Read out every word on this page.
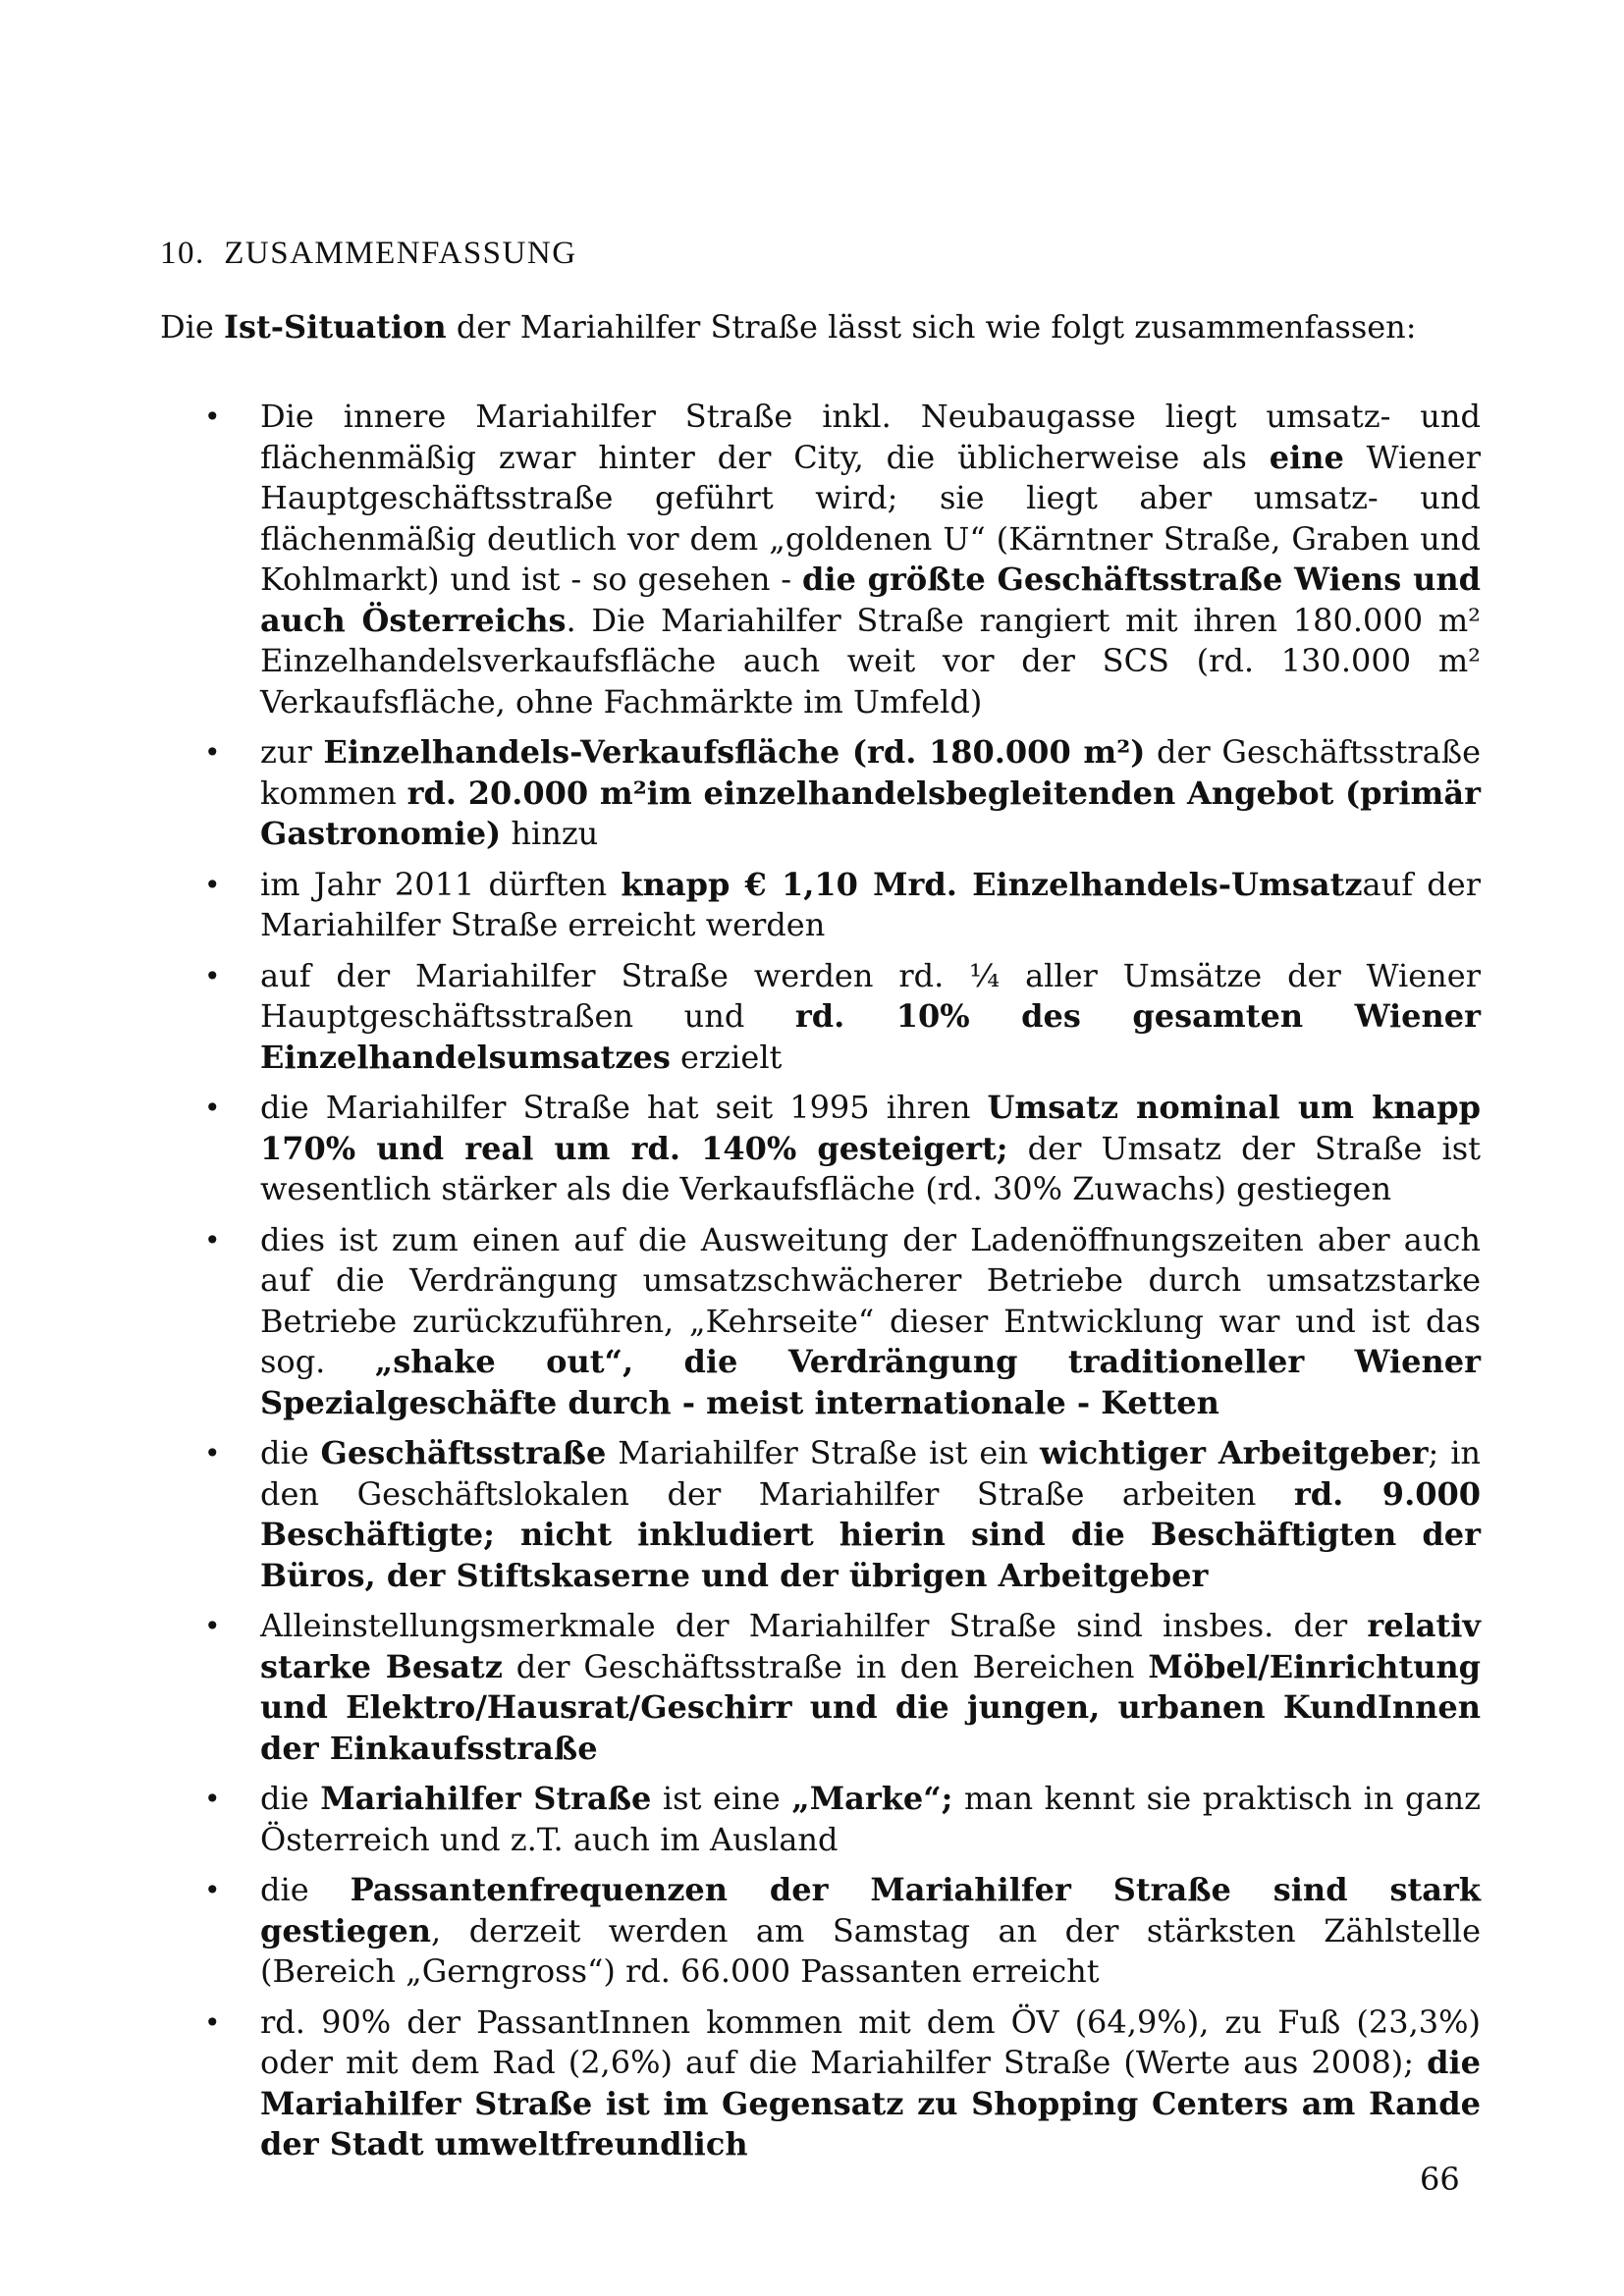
10. ZUSAMMENFASSUNG

Die Ist-Situation der Mariahilfer Straße lässt sich wie folgt zusammenfassen:

• Die innere Mariahilfer Straße inkl. Neubaugasse liegt umsatz- und flächenmäßig zwar hinter der City, die üblicherweise als eine Wiener Hauptgeschäftsstraße geführt wird; sie liegt aber umsatz- und flächenmäßig deutlich vor dem „goldenen U“ (Kärntner Straße, Graben und Kohlmarkt) und ist - so gesehen - die größte Geschäftsstraße Wiens und auch Österreichs. Die Mariahilfer Straße rangiert mit ihren 180.000 m² Einzelhandelsverkaufsfläche auch weit vor der SCS (rd. 130.000 m² Verkaufsfläche, ohne Fachmärkte im Umfeld)
• zur Einzelhandels-Verkaufsfläche (rd. 180.000 m²) der Geschäftsstraße kommen rd. 20.000 m²im einzelhandelsbegleitenden Angebot (primär Gastronomie) hinzu
• im Jahr 2011 dürften knapp € 1,10 Mrd. Einzelhandels-Umsatzauf der Mariahilfer Straße erreicht werden
• auf der Mariahilfer Straße werden rd. ¼ aller Umsätze der Wiener Hauptgeschäftsstraßen und rd. 10% des gesamten Wiener Einzelhandelsumsatzes erzielt
• die Mariahilfer Straße hat seit 1995 ihren Umsatz nominal um knapp 170% und real um rd. 140% gesteigert; der Umsatz der Straße ist wesentlich stärker als die Verkaufsfläche (rd. 30% Zuwachs) gestiegen
• dies ist zum einen auf die Ausweitung der Ladenöffnungszeiten aber auch auf die Verdrängung umsatzschwächerer Betriebe durch umsatzstarke Betriebe zurückzuführen, „Kehrseite“ dieser Entwicklung war und ist das sog. „shake out“, die Verdrängung traditioneller Wiener Spezialgeschäfte durch - meist internationale - Ketten
• die Geschäftsstraße Mariahilfer Straße ist ein wichtiger Arbeitgeber; in den Geschäftslokalen der Mariahilfer Straße arbeiten rd. 9.000 Beschäftigte; nicht inkludiert hierin sind die Beschäftigten der Büros, der Stiftskaserne und der übrigen Arbeitgeber
• Alleinstellungsmerkmale der Mariahilfer Straße sind insbes. der relativ starke Besatz der Geschäftsstraße in den Bereichen Möbel/Einrichtung und Elektro/Hausrat/Geschirr und die jungen, urbanen KundInnen der Einkaufsstraße
• die Mariahilfer Straße ist eine „Marke“; man kennt sie praktisch in ganz Österreich und z.T. auch im Ausland
• die Passantenfrequenzen der Mariahilfer Straße sind stark gestiegen, derzeit werden am Samstag an der stärksten Zählstelle (Bereich „Gerngross“) rd. 66.000 Passanten erreicht
• rd. 90% der PassantInnen kommen mit dem ÖV (64,9%), zu Fuß (23,3%) oder mit dem Rad (2,6%) auf die Mariahilfer Straße (Werte aus 2008); die Mariahilfer Straße ist im Gegensatz zu Shopping Centers am Rande der Stadt umweltfreundlich
66
